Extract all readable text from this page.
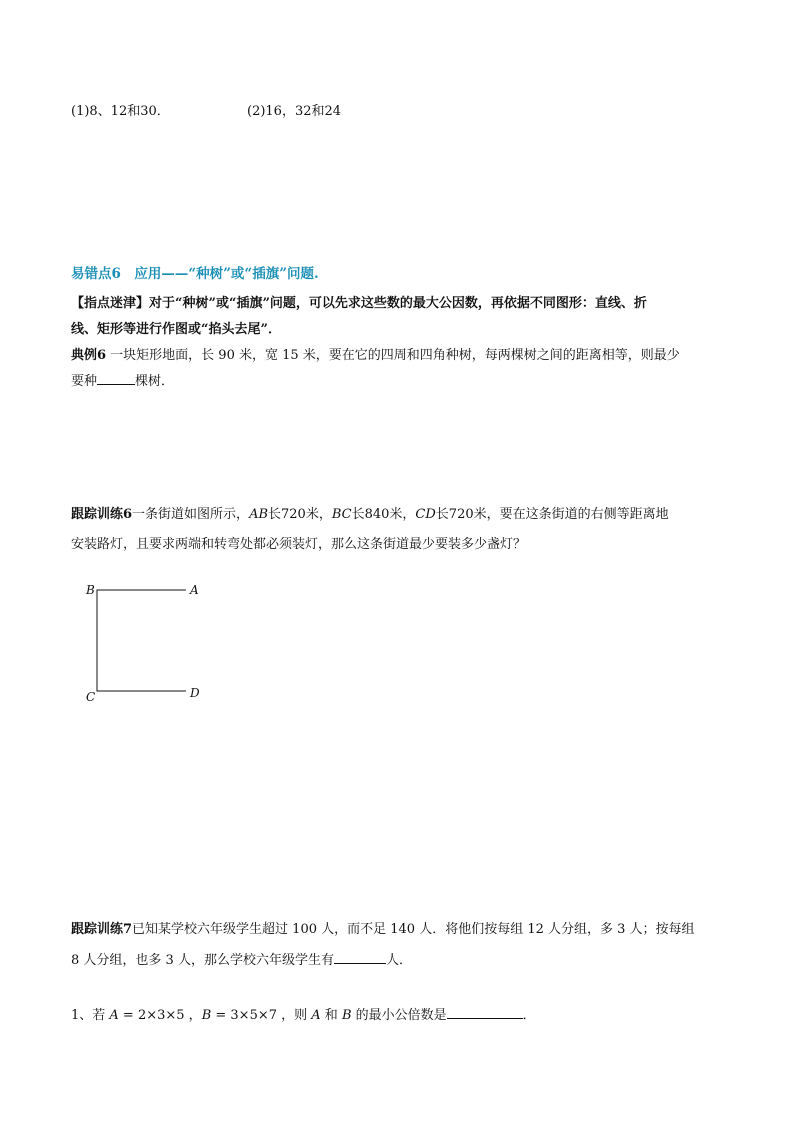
(1)8、12和30．	(2)16，32和24
易错点6　应用——“种树”或“插旗”问题.
【指点迷津】对于“种树”或“插旗”问题，可以先求这些数的最大公因数，再依据不同图形：直线、折
线、矩形等进行作图或“掐头去尾”．
典例6 一块矩形地面，长 90 米，宽 15 米，要在它的四周和四角种树，每两棵树之间的距离相等，则最少
要种	棵树．
跟踪训练6一条街道如图所示，AB长720米，BC长840米，CD长720米，要在这条街道的右侧等距离地
安装路灯，且要求两端和转弯处都必须装灯，那么这条街道最少要装多少盏灯？
B	A
C	D
跟踪训练7已知某学校六年级学生超过 100 人，而不足 140 人．将他们按每组 12 人分组，多 3 人；按每组
8 人分组，也多 3 人，那么学校六年级学生有	人．
1、若 A = 2×3×5 ，B = 3×5×7 ，则 A 和 B 的最小公倍数是	．
